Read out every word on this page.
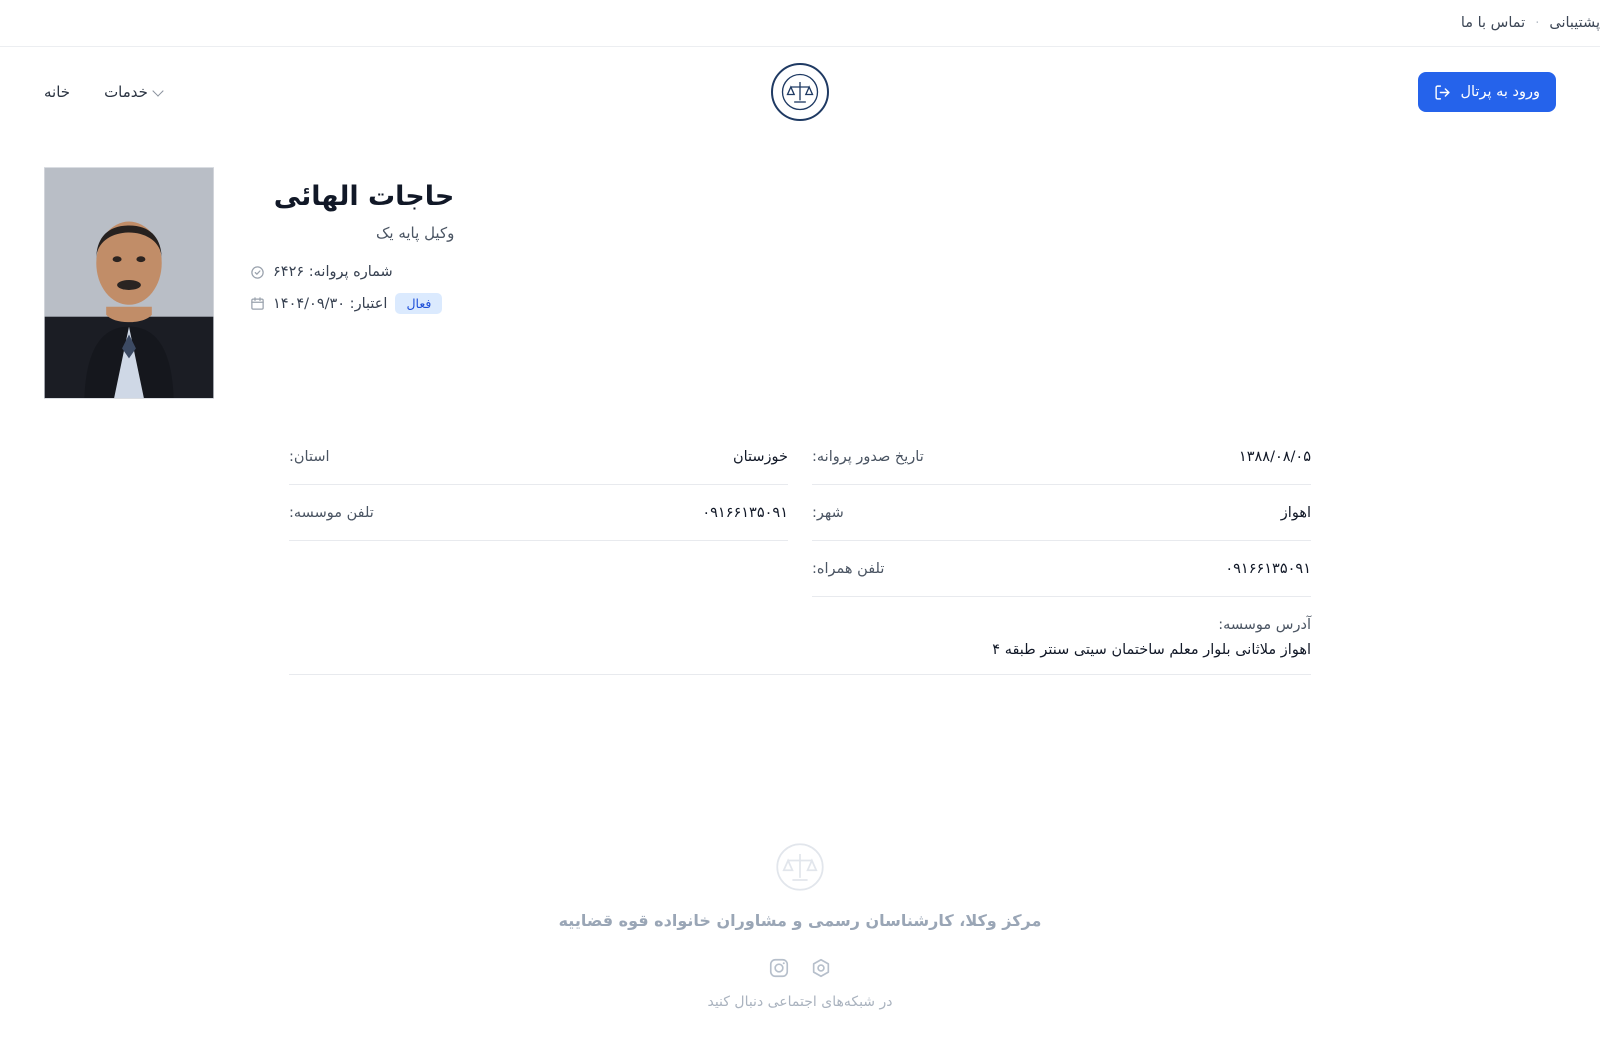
پشتیبانی
·
تماس با ما
ورود به پرتال
خدمات
خانه
حاجات الهائی
وکیل پایه یک
شماره پروانه: ۶۴۲۶
اعتبار: ۱۴۰۴/۰۹/۳۰	فعال
تاریخ صدور پروانه:	۱۳۸۸/۰۸/۰۵
استان:	خوزستان
شهر:	اهواز
تلفن موسسه:	۰۹۱۶۶۱۳۵۰۹۱
تلفن همراه:	۰۹۱۶۶۱۳۵۰۹۱
آدرس موسسه:
اهواز ملاثانی بلوار معلم ساختمان سیتی سنتر طبقه ۴
مرکز وکلا، کارشناسان رسمی و مشاوران خانواده قوه قضاییه
در شبکه‌های اجتماعی دنبال کنید
